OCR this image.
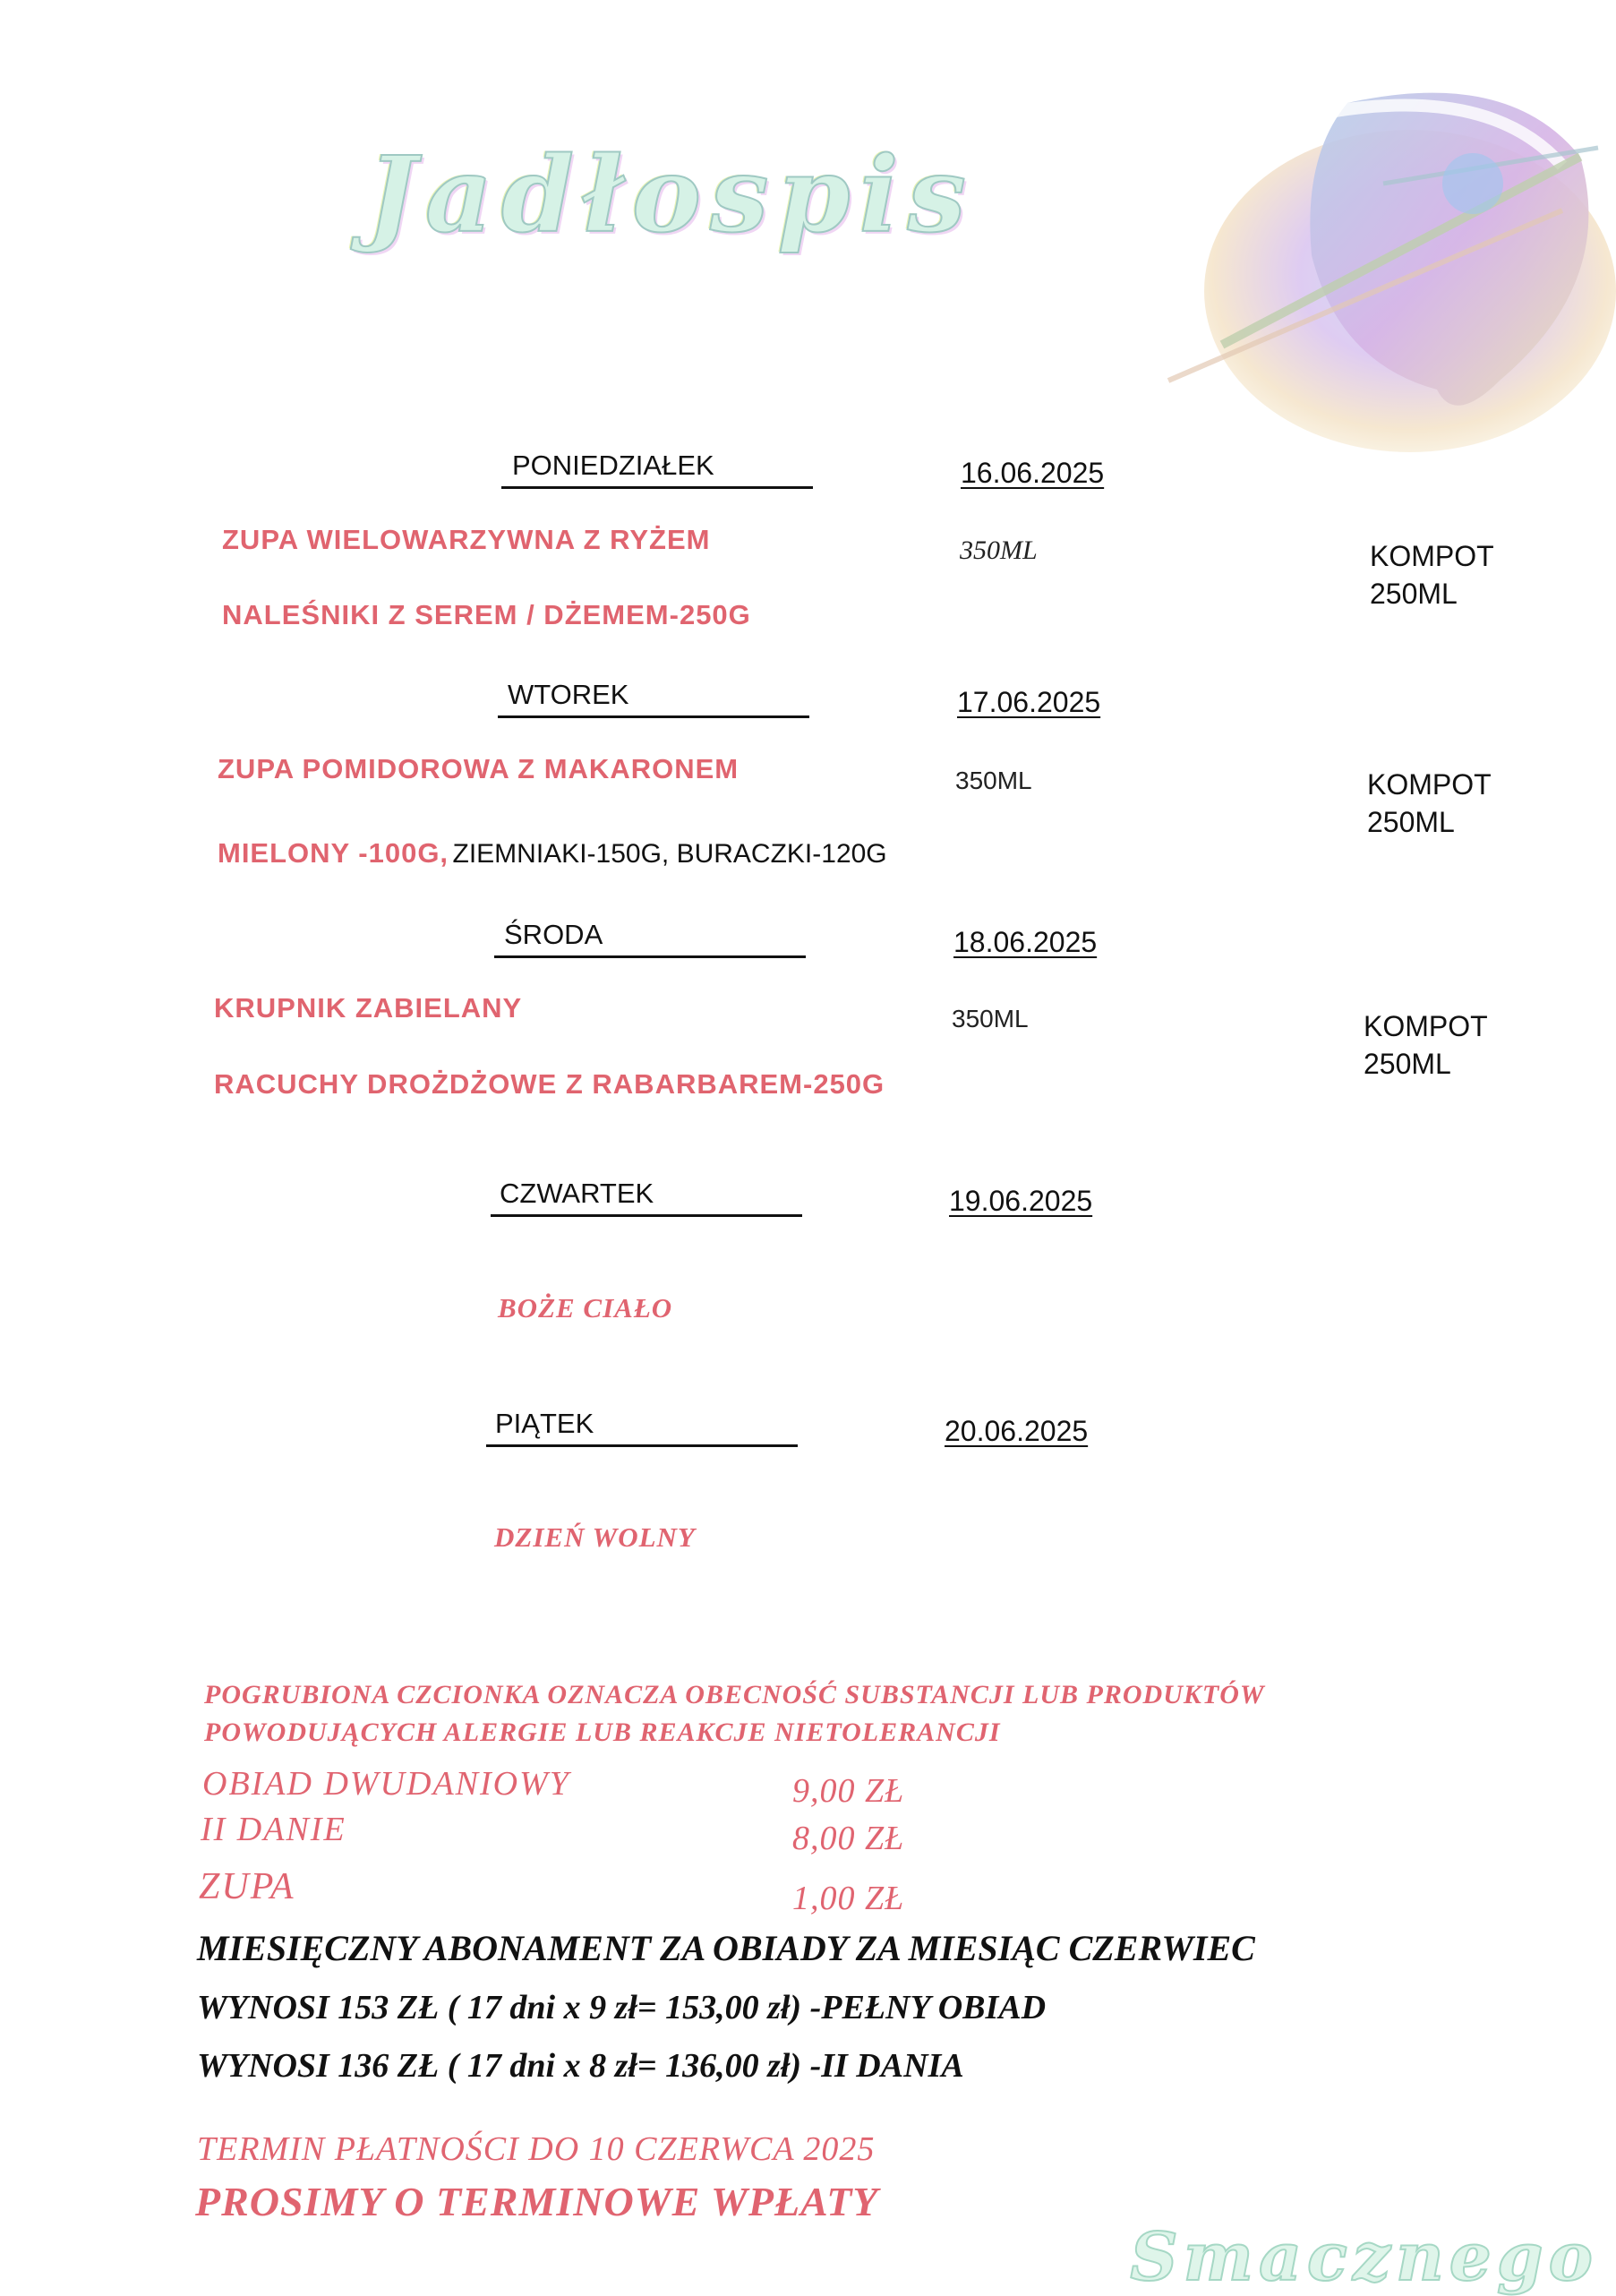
Jadłospis
PONIEDZIAŁEK	16.06.2025
ZUPA WIELOWARZYWNA Z RYŻEM	350ML	KOMPOT
250ML
NALEŚNIKI Z SEREM / DŻEMEM-250G
WTOREK	17.06.2025
ZUPA POMIDOROWA Z MAKARONEM	350ML	KOMPOT
250ML
MIELONY -100G, ZIEMNIAKI-150G, BURACZKI-120G
ŚRODA	18.06.2025
KRUPNIK ZABIELANY	350ML	KOMPOT
250ML
RACUCHY DROŻDŻOWE Z RABARBAREM-250G
CZWARTEK	19.06.2025
BOŻE CIAŁO
PIĄTEK	20.06.2025
DZIEŃ WOLNY
POGRUBIONA CZCIONKA OZNACZA OBECNOŚĆ SUBSTANCJI LUB PRODUKTÓW
POWODUJĄCYCH ALERGIE LUB REAKCJE NIETOLERANCJI
OBIAD DWUDANIOWY	9,00 ZŁ
II DANIE	8,00 ZŁ
ZUPA	1,00 ZŁ
MIESIĘCZNY ABONAMENT ZA OBIADY ZA MIESIĄC CZERWIEC
WYNOSI 153 ZŁ ( 17 dni x 9 zł= 153,00 zł) -PEŁNY OBIAD
WYNOSI 136 ZŁ ( 17 dni x 8 zł= 136,00 zł) -II DANIA
TERMIN PŁATNOŚCI DO 10 CZERWCA 2025
PROSIMY O TERMINOWE WPŁATY
Smacznego
